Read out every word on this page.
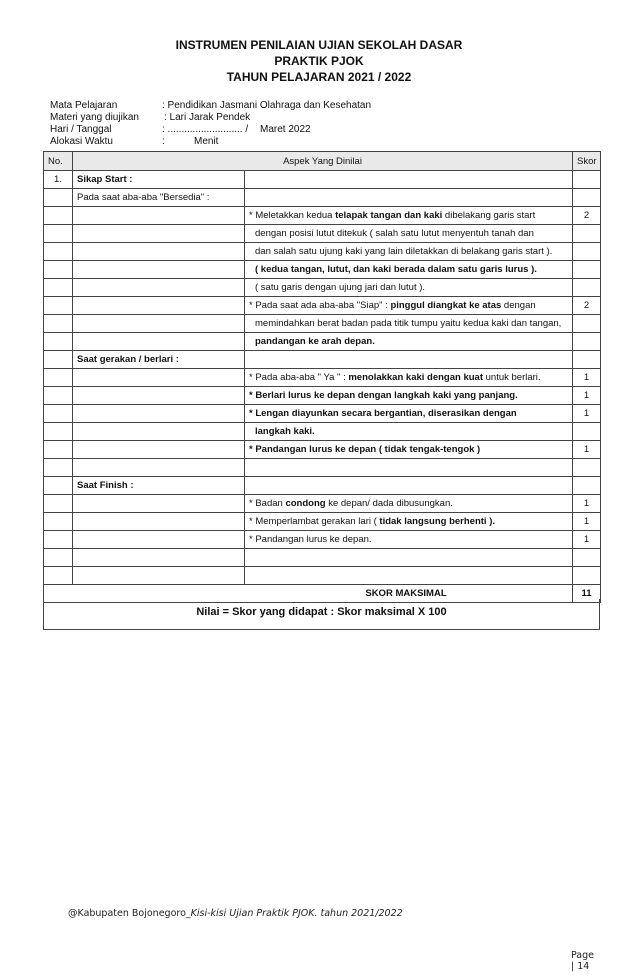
INSTRUMEN PENILAIAN UJIAN SEKOLAH DASAR
PRAKTIK PJOK
TAHUN PELAJARAN 2021 / 2022
Mata Pelajaran	: Pendidikan Jasmani Olahraga dan Kesehatan
Materi yang diujikan	: Lari Jarak Pendek
Hari / Tanggal	: ........................... / Maret 2022
Alokasi Waktu	:	Menit
No.	Aspek Yang Dinilai		Skor
1.	Sikap Start :		
	Pada saat aba-aba "Bersedia" :		
		* Meletakkan kedua telapak tangan dan kaki dibelakang garis start	2
		dengan posisi lutut ditekuk ( salah satu lutut menyentuh tanah dan	
		dan salah satu ujung kaki yang lain diletakkan di belakang garis start ).	
		( kedua tangan, lutut, dan kaki berada dalam satu garis lurus ).	
		( satu garis dengan ujung jari dan lutut ).	
		* Pada saat ada aba-aba "Siap" : pinggul diangkat ke atas dengan	2
		memindahkan berat badan pada titik tumpu yaitu kedua kaki dan tangan,	
		pandangan ke arah depan.	
	Saat gerakan / berlari :		
		* Pada aba-aba " Ya " : menolakkan kaki dengan kuat untuk berlari.	1
		* Berlari lurus ke depan dengan langkah kaki yang panjang.	1
		* Lengan diayunkan secara bergantian, diserasikan dengan	1
		langkah kaki.	
		* Pandangan lurus ke depan ( tidak tengak-tengok )	1

	Saat Finish :		
		* Badan condong ke depan/ dada dibusungkan.	1
		* Memperlambat gerakan lari ( tidak langsung berhenti ).	1
		* Pandangan lurus ke depan.	1

SKOR MAKSIMAL			11
Nilai = Skor yang didapat : Skor maksimal X 100
@Kabupaten Bojonegoro_Kisi-kisi Ujian Praktik PJOK. tahun 2021/2022
Page
| 14
